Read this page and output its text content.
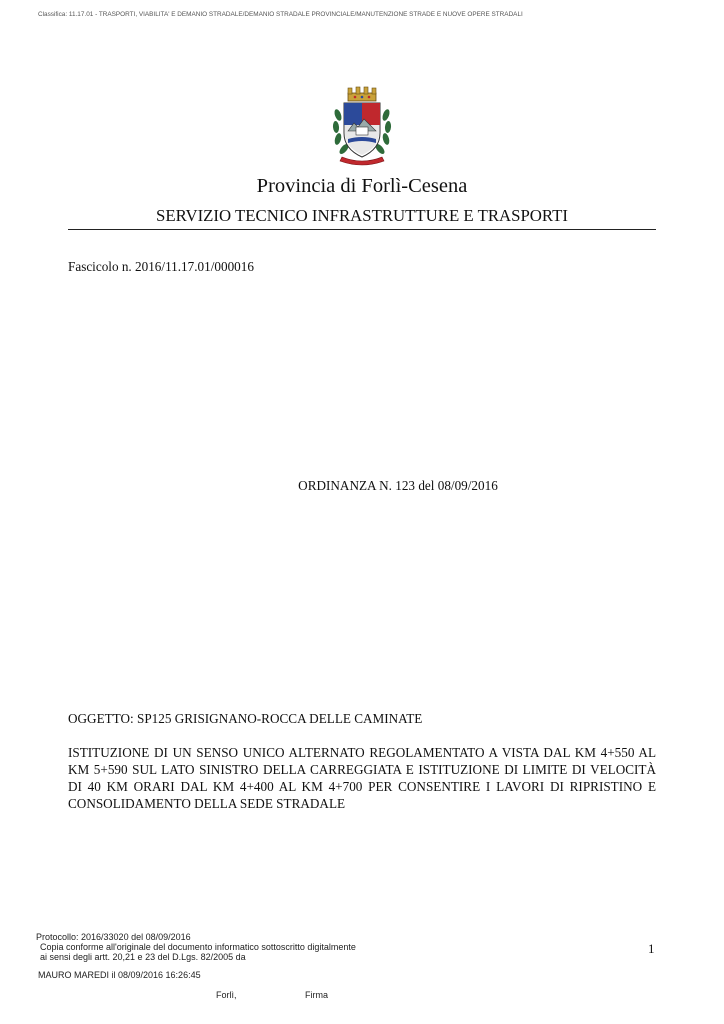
Classifica: 11.17.01 - TRASPORTI, VIABILITA' E DEMANIO STRADALE/DEMANIO STRADALE PROVINCIALE/MANUTENZIONE STRADE E NUOVE OPERE STRADALI
Provincia di Forlì-Cesena
SERVIZIO TECNICO INFRASTRUTTURE E TRASPORTI
Fascicolo n. 2016/11.17.01/000016
ORDINANZA N. 123 del 08/09/2016
OGGETTO: SP125 GRISIGNANO-ROCCA DELLE CAMINATE
ISTITUZIONE DI UN SENSO UNICO ALTERNATO REGOLAMENTATO A VISTA DAL KM 4+550 AL KM 5+590 SUL LATO SINISTRO DELLA CARREGGIATA E ISTITUZIONE DI LIMITE DI VELOCITÀ DI 40 KM ORARI DAL KM 4+400 AL KM 4+700 PER CONSENTIRE I LAVORI DI RIPRISTINO E CONSOLIDAMENTO DELLA SEDE STRADALE
Protocollo: 2016/33020 del 08/09/2016
Copia conforme all'originale del documento informatico sottoscritto digitalmente
ai sensi degli artt. 20,21 e 23 del D.Lgs. 82/2005 da
1
MAURO MAREDI il 08/09/2016 16:26:45
Forlì,	Firma
